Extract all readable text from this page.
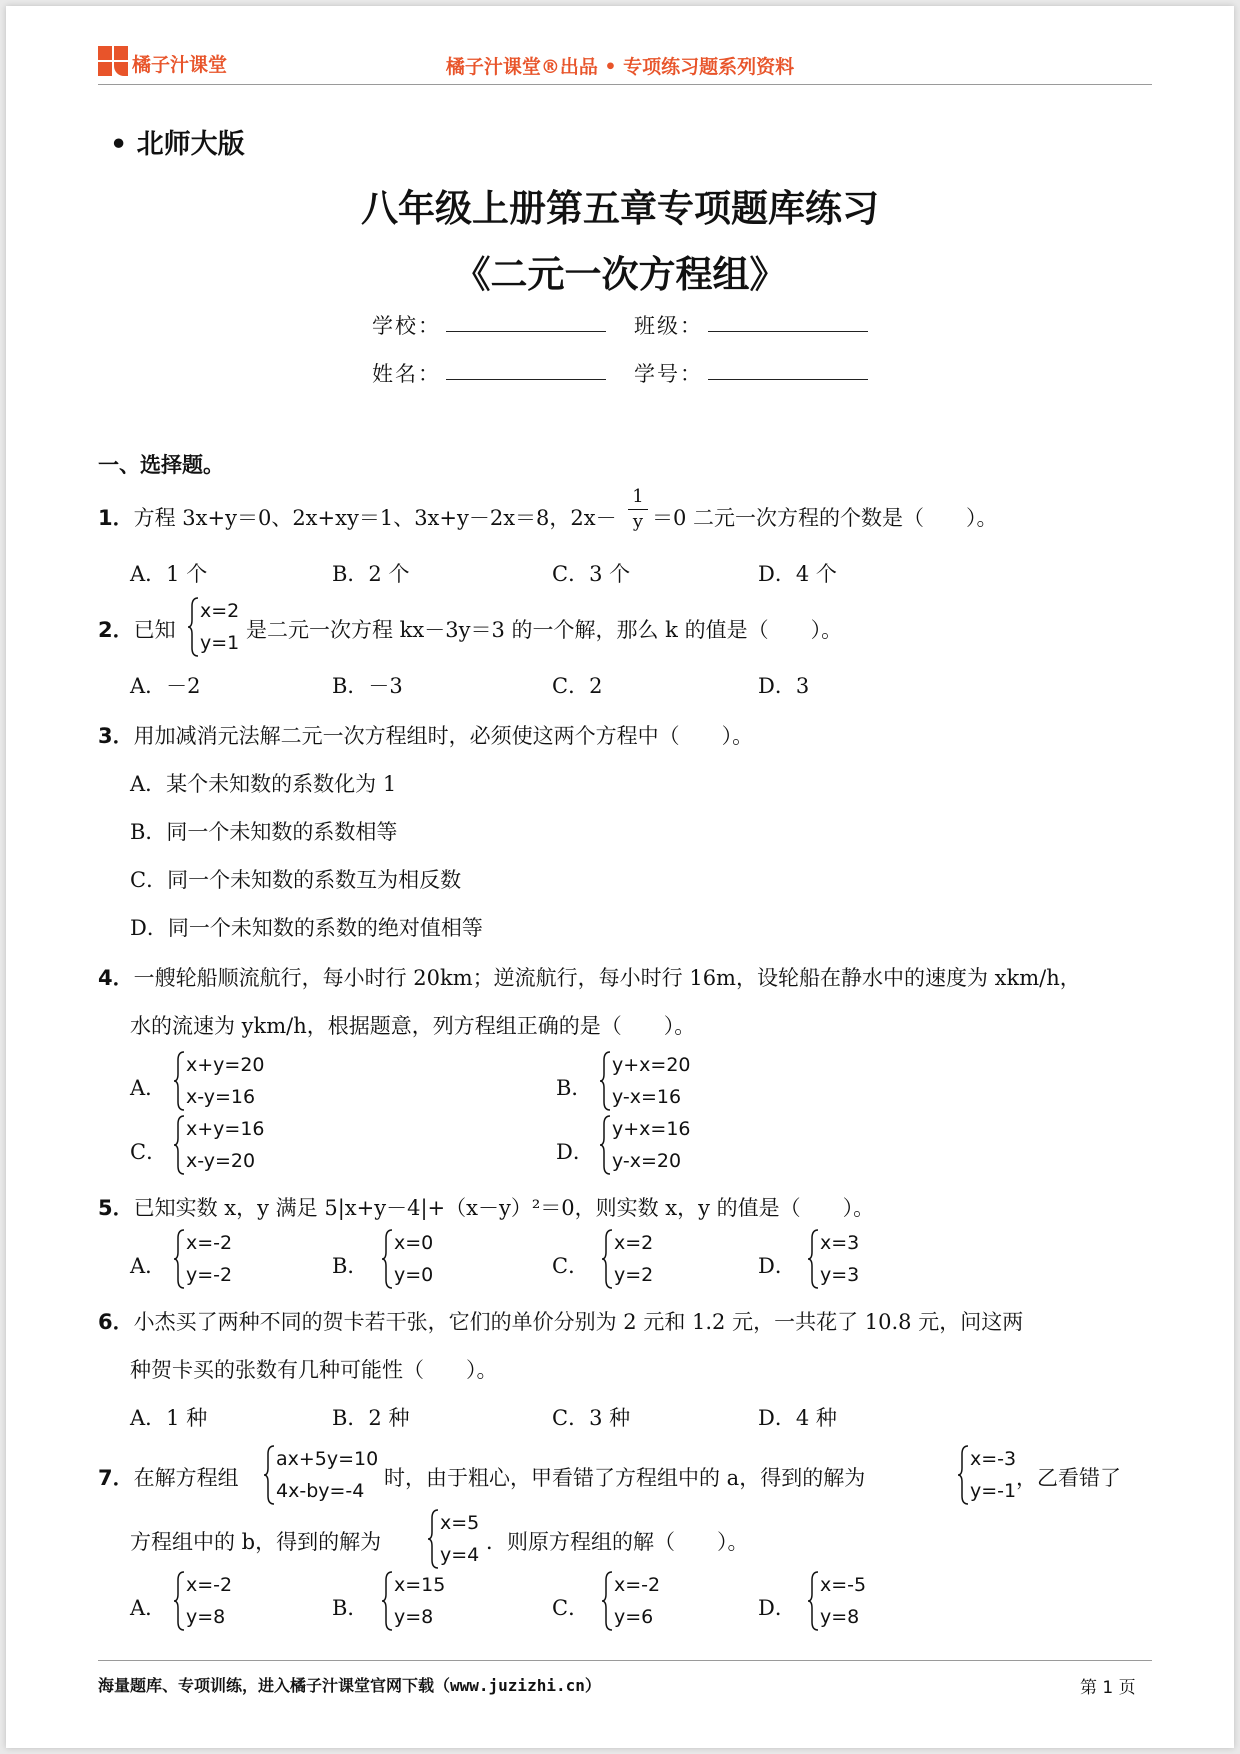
橘子汁课堂	橘子汁课堂®出品 • 专项练习题系列资料
• 北师大版
八年级上册第五章专项题库练习
《二元一次方程组》
学校：	班级：
姓名：	学号：
一、选择题。
1．方程 3x+y＝0、2x+xy＝1、3x+y－2x＝8，2x－
1
y ＝0 二元一次方程的个数是（　　）。
A．1 个	B．2 个	C．3 个	D．4 个
2．已知
x=2
y=1
是二元一次方程 kx－3y＝3 的一个解，那么 k 的值是（　　）。
A．－2	B．－3	C．2	D．3
3．用加减消元法解二元一次方程组时，必须使这两个方程中（　　）。
A．某个未知数的系数化为 1
B．同一个未知数的系数相等
C．同一个未知数的系数互为相反数
D．同一个未知数的系数的绝对值相等
4．一艘轮船顺流航行，每小时行 20km；逆流航行，每小时行 16m，设轮船在静水中的速度为 xkm/h，
水的流速为 ykm/h，根据题意，列方程组正确的是（　　）。
A．
x+y=20
x-y=16	B．
y+x=20
y-x=16
C．
x+y=16
x-y=20	D．
y+x=16
y-x=20
5．已知实数 x，y 满足 5|x+y－4|+（x－y）²＝0，则实数 x，y 的值是（　　）。
A．
x=-2
y=-2	B．
x=0
y=0	C．
x=2
y=2	D．
x=3
y=3
6．小杰买了两种不同的贺卡若干张，它们的单价分别为 2 元和 1.2 元，一共花了 10.8 元，问这两
种贺卡买的张数有几种可能性（　　）。
A．1 种	B．2 种	C．3 种	D．4 种
7．在解方程组
ax+5y=10
4x-by=-4
时，由于粗心，甲看错了方程组中的 a，得到的解为
x=-3
y=-1
，乙看错了
方程组中的 b，得到的解为
x=5
y=4
．则原方程组的解（　　）。
A．
x=-2
y=8	B．
x=15
y=8	C．
x=-2
y=6	D．
x=-5
y=8
海量题库、专项训练，进入橘子汁课堂官网下载（www.juzizhi.cn）	第 1 页
